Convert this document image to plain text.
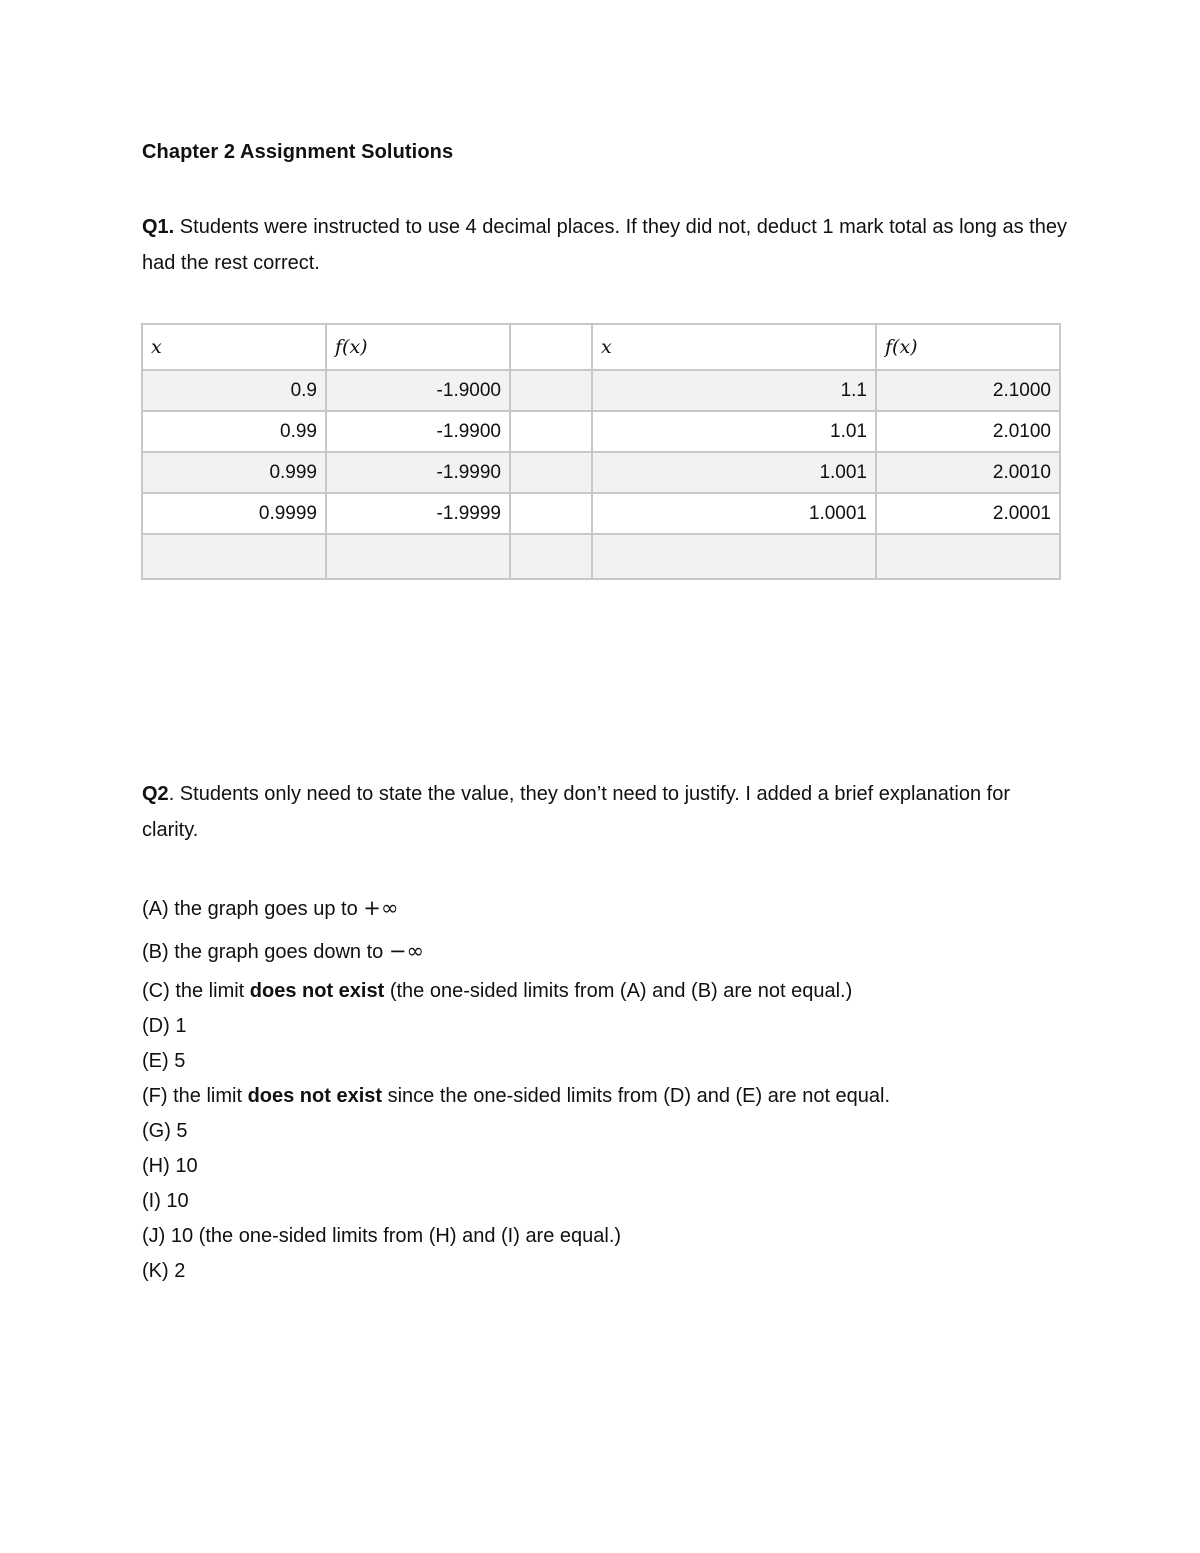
Chapter 2 Assignment Solutions

Q1. Students were instructed to use 4 decimal places. If they did not, deduct 1 mark total as long as they had the rest correct.

x	f(x)		x	f(x)
0.9	-1.9000		1.1	2.1000
0.99	-1.9900		1.01	2.0100
0.999	-1.9990		1.001	2.0010
0.9999	-1.9999		1.0001	2.0001

Q2. Students only need to state the value, they don’t need to justify. I added a brief explanation for clarity.

(A) the graph goes up to +∞
(B) the graph goes down to −∞
(C) the limit does not exist (the one-sided limits from (A) and (B) are not equal.)
(D) 1
(E) 5
(F) the limit does not exist since the one-sided limits from (D) and (E) are not equal.
(G) 5
(H) 10
(I) 10
(J) 10 (the one-sided limits from (H) and (I) are equal.)
(K) 2
